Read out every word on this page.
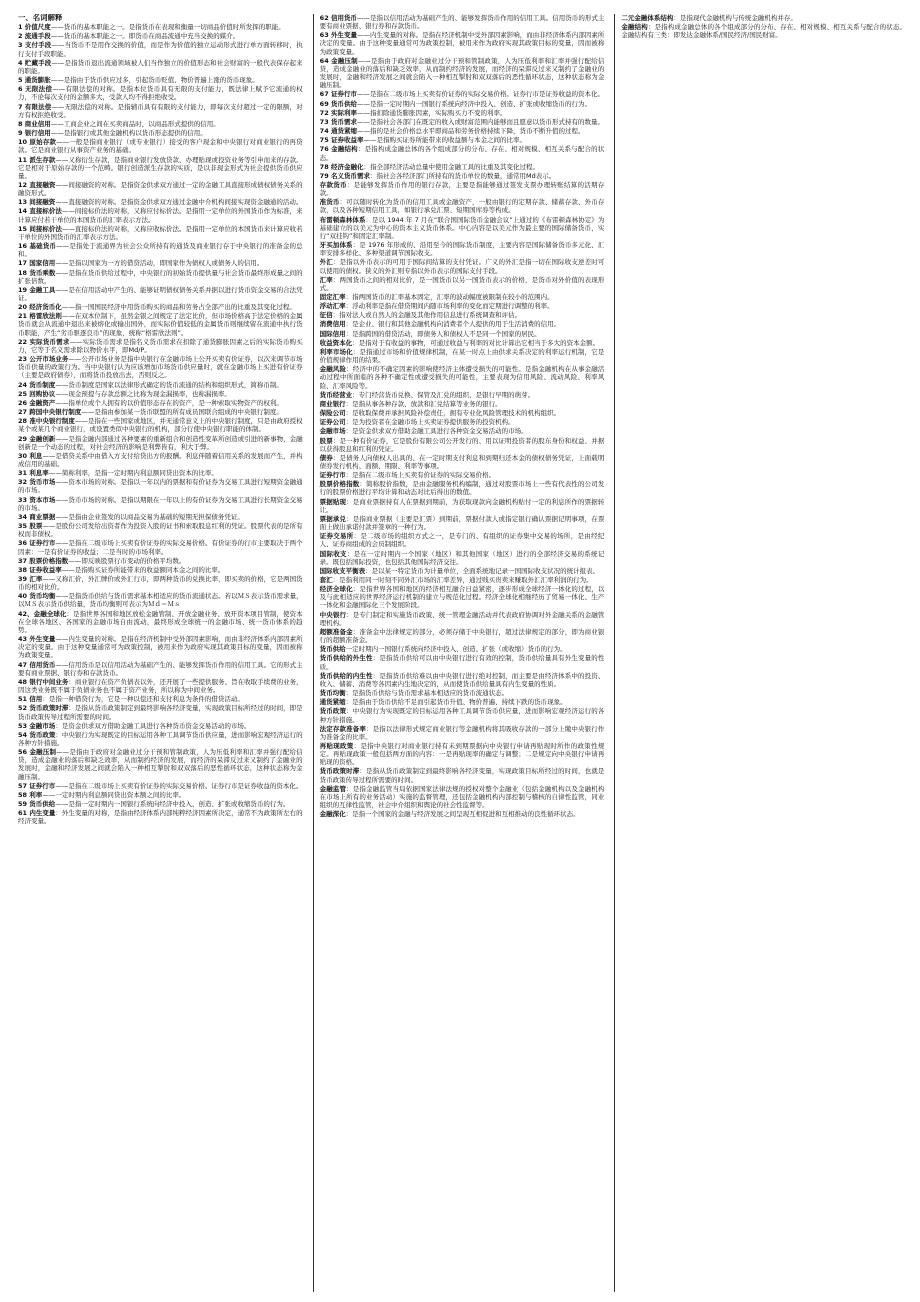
一、名词解释
1 价值尺度——货币的基本职能之一。是指货币在表现和衡量一切商品价值时所发挥的职能。
2 流通手段——货币的基本职能之一。即货币在商品流通中充当交换的媒介。
3 支付手段——当货币不是用作交换的价值，而是作为价值的独立运动形式进行单方面转移时，执行支付手段职能。
4 贮藏手段——是指货币退出流通领域被人们当作独立的价值形态和社会财富的一般代表保存起来的职能。
5 通货膨胀——是指由于货币供应过多，引起货币贬值、物价普遍上涨的货币现象。
6 无限法偿——有限法偿的对称。是指本位货币具有无限的支付能力，既法律上赋予它流通的权力，不论每次支付的金额多大，受款人均不得拒绝收受。
7 有限法偿——无限法偿的对称。是指辅币具有有限的支付能力，即每次支付超过一定的限额，对方有权拒绝收受。
8 商业信用——工商企业之间在买卖商品时，以商品形式提供的信用。
9 银行信用——是指银行或其他金融机构以货币形态提供的信用。
10 原始存款——一般是指商业银行（或专业银行）接受的客户现金和中央银行对商业银行的再贷款。它是商业银行从事资产业务的基础。
11 派生存款——又称衍生存款，是指商业银行发放贷款、办理贴现或投资业务等引申而来的存款。它是相对于原始存款的一个范畴。银行创造派生存款的实质，是以非现金形式为社会提供货币供应量。
12 直接融资——间接融资的对称。是指资金供求双方通过一定的金融工具直接形成债权债务关系的融资形式。
13 间接融资——直接融资的对称。是指资金供求双方通过金融中介机构间接实现资金融通的活动。
14 直接标价法——间接标价法的对称，又称应付标价法。是指用一定单位的外国货币作为标准，来计算应付若干单位的本国货币的汇率表示方法。
15 间接标价法——直接标价法的对称，又称应收标价法。是指用一定单位的本国货币来计算应收若干单位的外国货币的汇率表示方法。
16 基础货币——是指处于流通界为社会公众所持有的通货及商业银行存于中央银行的准备金的总和。
17 国家信用——是指以国家为一方的借贷活动，即国家作为债权人或债务人的信用。
18 货币乘数——是指在货币供给过程中，中央银行的初始货币提供量与社会货币最终形成量之间的扩张倍数。
19 金融工具——是在信用活动中产生的、能够证明债权债务关系并据以进行货币资金交易的合法凭证。
20 经济货币化——指一国国民经济中用货币购买的商品和劳务占全部产出的比重及其变化过程。
21 格雷欣法则——在双本位制下，虽然金银之间规定了法定比价，但市场价格高于法定价格的金属货币就会从流通中退出来被熔化或输出国外，而实际价值较低的金属货币则继续留在流通中执行货币职能，产生“劣币驱逐良币”的现象，统称“格雷欣法则”。
22 实际货币需求——实际货币需求是指名义货币需求在扣除了通货膨胀因素之后的实际货币购买力，它等于名义需求除以物价水平，即Md/P。
23 公开市场业务——公开市场业务是指中央银行在金融市场上公开买卖有价证券，以次来调节市场货币供量的政策行为。当中央银行认为应该增加市场货币供应量时，就在金融市场上买进有价证券（主要是政府债券），而将货币投放出去，否则反之。
24 货币制度——货币制度是国家以法律形式确定的货币流通的结构和组织形式，简称币制。
25 回购协议——现金预提与存款总额之比称为现金漏损率，也称漏损率。
26 金融资产——指单位或个人拥有的以价值形态存在的资产，是一种索取实物资产的权利。
27 跨国中央银行制度——是指由参加某一货币联盟的所有成员国联合组成的中央银行制度。
28 准中央银行制度——是指在一些国家或地区，并无通常意义上的中央银行制度，只是由政府授权某个或某几个商业银行，或设置类似中央银行的机构，部分行使中央银行职能的体制。
29 金融创新——是指金融内部通过各种要素的重新组合和创造性变革所创造或引进的新事物，金融创新是一个动态的过程，对社会经济的影响是利弊皆有，利大于弊。
30 利息——是借贷关系中由借入方支付给贷出方的报酬。利息伴随着信用关系的发展而产生，并构成信用的基础。
31 利息率——简称利率，是指一定时期内利息额同贷出资本的比率。
32 货币市场——资本市场的对称。是指以一年以内的票据和有价证券为交易工具进行短期资金融通的市场。
33 资本市场——货币市场的对称。是指以期限在一年以上的有价证券为交易工具进行长期资金交易的市场。
34 商业票据——是指由企业签发的以商品交易为基础的短期无担保债务凭证。
35 股票——是股份公司发给出资者作为投资入股的证书和索取股息红利的凭证。股票代表的是所有权而非债权。
36 证券行市——是指在二级市场上买卖有价证券的实际交易价格。有价证券的行市主要取决于两个因素：一是有价证券的收益；二是当时的市场利率。
37 股票价格指数——即反映股票行市变动的价格平均数。
38 证券收益率——是指购买证券所能带来的收益额同本金之间的比率。
39 汇率——又称汇价，外汇牌价或外汇行市，即两种货币的兑换比率，即买卖的价格，它是两国货币的相对比价。
40 货币均衡——是指货币供给与货币需求基本相适应的货币流通状态。若以ＭＳ表示货币需求量，以ＭＳ表示货币供给量，货币均衡则可表示为Ｍｄ＝Ｍｓ
42、金融全球化：是指世界各国和地区放松金融管制、开放金融业务、放开资本项目管制，使资本在全球各地区、各国家的金融市场自由流动，最终形成全球统一的金融市场、统一货币体系的趋势。
43 外生变量——内生变量的对称。是指在经济机制中受外部因素影响，而由非经济体系内部因素所决定的变量。由于这种变量通常可为政策控制，被用来作为政府实现其政策目标的变量，因而被称为政策变量。
47 信用货币——信用货币是以信用活动为基础产生的、能够发挥货币作用的信用工具。它的形式主要有商业票据、银行券和存款货币。
48 银行中间业务：商业银行在资产负债表以外，还开展了一些提供服务、旨在收取手续费的业务，因这类业务既不属于负债业务也不属于资产业务，所以称为中间业务。
51 信用：是指一种借贷行为，它是一种以偿还和支付利息为条件的借贷活动。
52 货币政策时滞：是指从货币政策制定到最终影响各经济变量，实现政策目标所经过的时间，即是货币政策传导过程所需要的时间。
53 金融市场：是资金供求双方借助金融工具进行各种货币资金交易活动的市场。
54 货币政策：中央银行为实现既定的目标运用各种工具调节货币供应量，进而影响宏观经济运行的各种方针措施。
56 金融压制——是指由于政府对金融业过分干预和管制政策，人为压低利率和汇率并强行配给信贷，造成金融业的落后和缺乏效率，从而制约经济的发展，而经济的呆滞反过来又制约了金融业的发展时，金融和经济发展之间就会陷入一种相互掣肘和双双落后的恶性循环状态，这种状态称为金融压制。
57 证券行市——是指在二级市场上买卖有价证券的实际交易价格。证券行市是证券收益的资本化。
58 利率——一定时期内利息额同贷出资本额之间的比率。
59 货币供给——是指一定时期内一国银行系统向经济中投入、创造、扩张或收缩货币的行为。
61 内生变量：外生变量的对称，是指由经济体系内部纯粹经济因素所决定，通常不为政策所左右的经济变量。
62 信用货币——是指以信用活动为基础产生的、能够发挥货币作用的信用工具。信用货币的形式主要有商业票据、银行券和存款货币。
63 外生变量——内生变量的对称。是指在经济机制中受外部因素影响，而由非经济体系内部因素所决定的变量。由于这种变量通常可为政策控制，被用来作为政府实现其政策目标的变量，因而被称为政策变量。
64 金融压制——是指由于政府对金融业过分干预和管制政策，人为压低利率和汇率并强行配给信贷，造成金融业的落后和缺乏效率，从而制约经济的发展，而经济的呆滞反过来又制约了金融业的发展时，金融和经济发展之间就会陷入一种相互掣肘和双双落后的恶性循环状态，这种状态称为金融压制。
67 证券行市——是指在二级市场上买卖有价证券的实际交易价格。证券行市是证券收益的资本化。
69 货币供给——是指一定时期内一国银行系统向经济中投入、创造、扩张或收缩货币的行为。
72 实际利率——指扣除通货膨胀因素，实际购买力不变的利率。
73 货币需求——是指社会各部门在既定的收入或财富范围内能够而且愿意以货币形式持有的数量。
74 通货紧缩——指的是社会价格总水平即商品和劳务价格持续下降，货币不断升值的过程。
75 证券收益率——是指购买证券所能带来的收益额与本金之间的比率。
76 金融结构：是指构成金融总体的各个组成部分的分布、存在、相对规模、相互关系与配合的状态。
78 经济金融化：指全部经济活动总量中使用金融工具的比重及其变化过程。
79 名义货币需求：指社会各经济部门所持有的货币单位的数量，通常用Md表示。
存款货币：是能够发挥货币作用的银行存款，主要是指能够通过签发支票办理转账结算的活期存款。
准货币：可以随时转化为货币的信用工具或金融资产，一般由银行的定期存款、储蓄存款、外币存款，以及各种短期信用工具，如银行承兑汇票、短期国库券等构成。
布雷顿森林体系：是以 1944 年 7 月在“联合国国际货币金融会议”上通过的《布雷顿森林协定》为基础建立的以美元为中心的资本主义货币体系。中心内容是以美元作为最主要的国际储备货币，实行“双挂钩”和固定汇率制。
牙买加体系：是 1976 年形成的、沿用至今的国际货币制度，主要内容是国际储备货币多元化、汇率安排多样化、多种渠道调节国际收支。
外汇：是指以外币表示的可用于国际间结算的支付凭证。广义的外汇是指一切在国际收支逆差时可以使用的债权。狭义的外汇则专指以外币表示的国际支付手段。
汇率：两国货币之间的相对比价，是一国货币以另一国货币表示的价格，是货币对外价值的表现形式。
固定汇率：指两国货币的汇率基本固定，汇率的波动幅度被限制在较小的范围内。
浮动汇率：浮动利率是指在借贷期间内随市场利率的变化而定期进行调整的利率。
征信：指对法人或自然人的金融及其他作用信息进行系统调查和评估。
消费信用：是企业、银行和其他金融机构向消费者个人提供的用于生活消费的信用。
国际信用：是指跨国的借贷活动，即债务人和债权人不是同一个国家的居民。
收益资本化：是指对于有收益的事物，可通过收益与利率的对比计算出它相当于多大的资本金额。
利率市场化：是指通过市场和价值规律机制，在某一时点上由供求关系决定的利率运行机制，它是价值规律作用的结果。
金融风险：经济中的不确定因素的影响使经济主体遭受损失的可能性。是指金融机构在从事金融活动过程中所面临的各种不确定性或遭受损失的可能性，主要表现为信用风险、流动风险、利率风险、汇率风险等。
货币经营业：专门经营货币兑换、保管及汇兑的组织，是银行早期的萌芽。
商业银行：是指从事各种存款、放款和汇兑结算等业务的银行。
保险公司：是收取保费并承担风险补偿责任，拥有专业化风险管理技术的机构组织。
证券公司：是为投资者在金融市场上买卖证券提供服务的投资机构。
金融市场：是资金供求双方借助金融工具进行各种资金交易活动的市场。
股票：是一种有价证券，它是股份有限公司公开发行的、用以证明投资者的股东身份和权益、并据以获得股息和红利的凭证。
债券：是债务人向债权人出具的、在一定时期支付利息和到期归还本金的债权债务凭证，上面载明债券发行机构、面额、期限、利率等事项。
证券行市：是指在二级市场上买卖有价证券的实际交易价格。
股票价格指数：简称股价指数，是由金融服务机构编制，通过对股票市场上一些有代表性的公司发行的股票价格进行平均计算和动态对比后得出的数值。
票据贴现：是商业票据持有人在票据到期前，为获取现款向金融机构贴付一定的利息所作的票据转让。
票据承兑：是指商业票据（主要是汇票）到期前，票据付款人或指定银行确认票据记明事项，在票面上做出承诺付款并签章的一种行为。
证券交易所：是二级市场的组织方式之一，是专门的、有组织的证券集中交易的场所，是由经纪人、证券商组成的会员制组织。
国际收支：是在一定时期内一个国家（地区）和其他国家（地区）进行的全部经济交易的系统记录。既包括国际投资，也包括其他国际经济交往。
国际收支平衡表：是以某一特定货币为计量单位，全面系统地记录一国国际收支状况的统计报表。
套汇：是指利用同一时刻不同外汇市场的汇率差异，通过贱买贵卖来赚取外汇汇率利润的行为。
经济全球化：是指世界各国和地区的经济相互融合日益紧密，逐步形成全球经济一体化的过程，以及与此相适应的世界经济运行机制的建立与规范化过程。经济全球化相继经历了贸易一体化、生产一体化和金融国际化三个发展阶段。
中央银行：是专门制定和实施货币政策、统一管理金融活动并代表政府协调对外金融关系的金融管理机构。
超额准备金：准备金中法律规定的部分，必须存储于中央银行，超过法律规定的部分，即为商业银行的超额准备金。
货币供给一定时期内一国银行系统向经济中投入、创造、扩张（或收缩）货币的行为。
货币供给的外生性：是指货币供给可以由中央银行进行有效的控制，货币供给量具有外生变量的性质。
货币供给的内生性：是指货币供给难以由中央银行进行绝对控制，而主要是由经济体系中的投资、收入、储蓄、消费等各因素内生地决定的，从而使货币供给量具有内生变量的性质。
货币均衡：是指货币供给与货币需求基本相适应的货币流通状态。
通货紧缩：是指由于货币供给不足而引起货币升值、物价普遍、持续下跌的货币现象。
货币政策：中央银行为实现既定的目标运用各种工具调节货币供应量，进而影响宏观经济运行的各种方针措施。
法定存款准备率：是指以法律形式规定商业银行等金融机构将其吸收存款的一部分上缴中央银行作为准备金的比率。
再贴现政策：是指中央银行对商业银行持有未到期票据向中央银行申请再贴现时所作的政策性规定。再贴现政策一般包括两方面的内容：一是再贴现率的确定与调整；二是规定向中央银行申请再贴现的资格。
货币政策时滞：是指从货币政策制定到最终影响各经济变量，实现政策目标所经过的时间，也就是货币政策传导过程所需要的时间。
金融监管：是指金融监管当局依据国家法律法规的授权对整个金融业（包括金融机构以及金融机构在市场上所有的业务活动）实施的监督管理，还包括金融机构内部控制与稽核的自律性监管，同业组织的互律性监管，社会中介组织和舆论的社会性监督等。
金融深化：是指一个国家的金融与经济发展之间呈现互相促进和互相推动的良性循环状态。
二元金融体系结构：是指现代金融机构与传统金融机构并存。
金融结构：是指构成金融总体的各个组成部分的分布、存在、相对规模、相互关系与配合的状态。金融结构有三类：即发达金融体系/国民经济/国民财富。
